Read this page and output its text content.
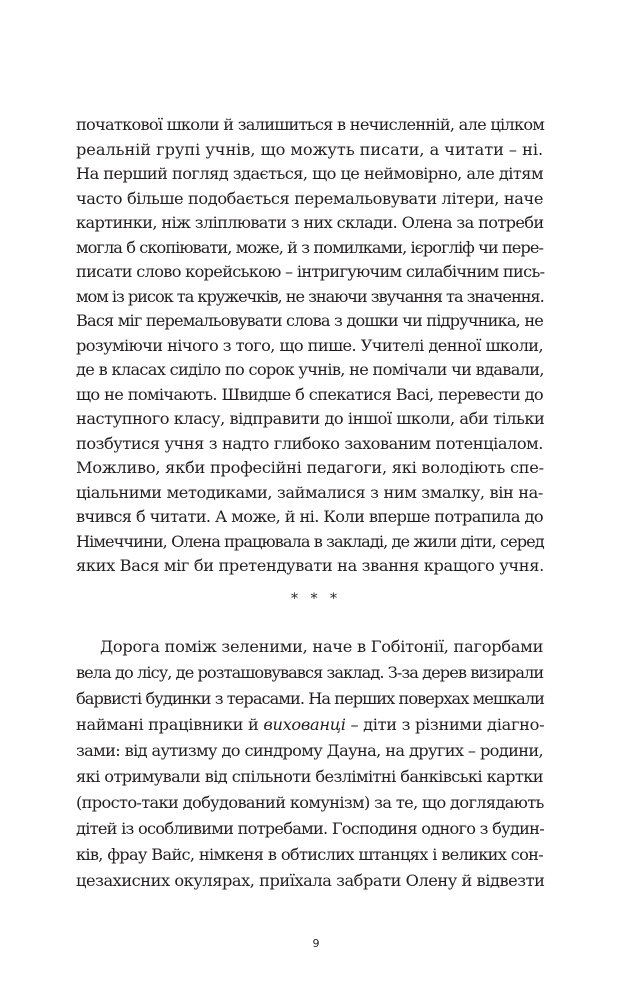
початкової школи й залишиться в нечисленній, але цілком
реальній групі учнів, що можуть писати, а читати – ні.
На перший погляд здається, що це неймовірно, але дітям
часто більше подобається перемальовувати літери, наче
картинки, ніж зліплювати з них склади. Олена за потреби
могла б скопіювати, може, й з помилками, ієрогліф чи пере-
писати слово корейською – інтригуючим силабічним пись-
мом із рисок та кружечків, не знаючи звучання та значення.
Вася міг перемальовувати слова з дошки чи підручника, не
розуміючи нічого з того, що пише. Учителі денної школи,
де в класах сиділо по сорок учнів, не помічали чи вдавали,
що не помічають. Швидше б спекатися Васі, перевести до
наступного класу, відправити до іншої школи, аби тільки
позбутися учня з надто глибоко захованим потенціалом.
Можливо, якби професійні педагоги, які володіють спе-
ціальними методиками, займалися з ним змалку, він на-
вчився б читати. А може, й ні. Коли вперше потрапила до
Німеччини, Олена працювала в закладі, де жили діти, серед
* * *
Дорога поміж зеленими, наче в Гобітонії, пагорбами
вела до лісу, де розташовувався заклад. З-за дерев визирали
барвисті будинки з терасами. На перших поверхах мешкали
наймані працівники й вихованці – діти з різними діагно-
зами: від аутизму до синдрому Дауна, на других – родини,
які отримували від спільноти безлімітні банківські картки
(просто-таки добудований комунізм) за те, що доглядають
дітей із особливими потребами. Господиня одного з будин-
ків, фрау Вайс, німкеня в обтислих штанцях і великих сон-
цезахисних окулярах, приїхала забрати Олену й відвезти
9
яких Вася міг би претендувати на звання кращого учня.
